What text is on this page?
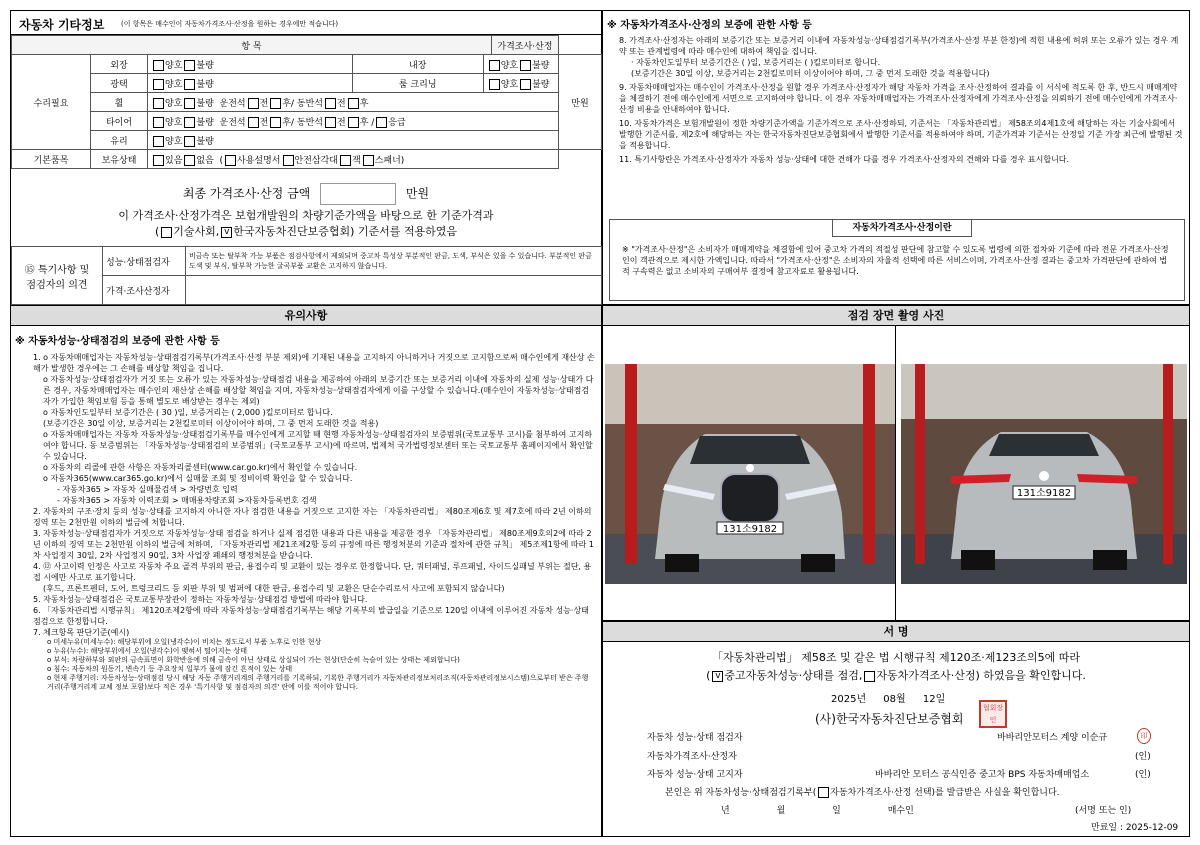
자동차 기타정보 (이 항목은 매수인이 자동차가격조사·산정을 원하는 경우에만 적습니다)
항 목					가격조사·산정	
수리필요	외장	양호 불량	내장	양호 불량		만원
	광택	양호 불량	룸 크리닝	양호 불량		
	휠	양호 불량 운전석 전 후/ 동반석 전 후				
	타이어	양호 불량 운전석 전 후/ 동반석 전 후 / 응급				
	유리	양호 불량				
기본품목	보유상태	있음 없음 ( 사용설명서 안전삼각대 잭 스패너)				
최종 가격조사·산정 금액	만원
이 가격조사·산정가격은 보험개발원의 차량기준가액을 바탕으로 한 기준가격과
( 기술사회, v 한국자동차진단보증협회) 기준서를 적용하였음
⑮ 특기사항 및
점검자의 의견	성능·상태점검자	비금속 또는 탈부착 가능 부품은 점검사항에서 제외되며 중고차 특성상 부분적인 판금, 도색, 부식은 있을 수 있습니다. 부분적인 판금 도색 및 부식, 탈부착 가능한 굴곡부품 교환은 고지하지 않습니다.
	가격·조사산정자	
※ 자동차가격조사·산정의 보증에 관한 사항 등
8. 가격조사·산정자는 아래의 보증기간 또는 보증거리 이내에 자동차성능·상태점검기록부(가격조사·산정 부분 한정)에 적힌 내용에 허위 또는 오류가 있는 경우 계약 또는 관계법령에 따라 매수인에 대하여 책임을 집니다.
· 자동차인도일부터 보증기간은 ( )일, 보증거리는 ( )킬로미터로 합니다.
(보증기간은 30일 이상, 보증거리는 2천킬로미터 이상이어야 하며, 그 중 먼저 도래한 것을 적용합니다)
9. 자동차매매업자는 매수인이 가격조사·산정을 원할 경우 가격조사·산정자가 해당 자동차 가격을 조사·산정하여 결과를 이 서식에 적도록 한 후, 반드시 매매계약을 체결하기 전에 매수인에게 서면으로 고지하여야 합니다. 이 경우 자동차매매업자는 가격조사·산정자에게 가격조사·산정을 의뢰하기 전에 매수인에게 가격조사·산정 비용을 안내하여야 합니다.
10. 자동차가격은 보험개발원이 정한 차량기준가액을 기준가격으로 조사·산정하되, 기준서는 「자동차관리법」 제58조의4제1호에 해당하는 자는 기술사회에서 발행한 기준서를, 제2호에 해당하는 자는 한국자동차진단보증협회에서 발행한 기준서를 적용하여야 하며, 기준가격과 기준서는 산정일 기준 가장 최근에 발행된 것을 적용합니다.
11. 특기사항란은 가격조사·산정자가 자동차 성능·상태에 대한 견해가 다를 경우 가격조사·산정자의 견해와 다를 경우 표시합니다.
자동차가격조사·산정이란
※ "가격조사·산정"은 소비자가 매매계약을 체결함에 있어 중고차 가격의 적절성 판단에 참고할 수 있도록 법령에 의한 절차와 기준에 따라 전문 가격조사·산정인이 객관적으로 제시한 가액입니다. 따라서 "가격조사·산정"은 소비자의 자율적 선택에 따른 서비스이며, 가격조사·산정 결과는 중고차 가격판단에 관하여 법적 구속력은 없고 소비자의 구매여부 결정에 참고자료로 활용됩니다.
유의사항
※ 자동차성능·상태점검의 보증에 관한 사항 등
1. ο 자동차매매업자는 자동차성능·상태점검기록부(가격조사·산정 부분 제외)에 기재된 내용을 고지하지 아니하거나 거짓으로 고지함으로써 매수인에게 재산상 손해가 발생한 경우에는 그 손해를 배상할 책임을 집니다.
ο 자동차성능·상태점검자가 거짓 또는 오류가 있는 자동차성능·상태점검 내용을 제공하여 아래의 보증기간 또는 보증거리 이내에 자동차의 실제 성능·상태가 다른 경우, 자동차매매업자는 매수인의 재산상 손해를 배상할 책임을 지며, 자동차성능·상태점검자에게 이를 구상할 수 있습니다.(매수인이 자동차성능·상태점검자가 가입한 책임보험 등을 통해 별도로 배상받는 경우는 제외)
ο 자동차인도일부터 보증기간은 ( 30 )일, 보증거리는 ( 2,000 )킬로미터로 합니다.
(보증기간은 30일 이상, 보증거리는 2천킬로미터 이상이어야 하며, 그 중 먼저 도래한 것을 적용)
ο 자동차매매업자는 자동차 자동차성능·상태점검기록부를 매수인에게 고지할 때 현행 자동차성능·상태점검자의 보증범위(국토교통부 고시)를 첨부하여 고지하여야 합니다. 동 보증범위는 「자동차성능·상태점검의 보증범위」(국토교통부 고시)에 따르며, 법제처 국가법령정보센터 또는 국토교통부 홈페이지에서 확인할 수 있습니다.
ο 자동차의 리콜에 관한 사항은 자동차리콜센터(www.car.go.kr)에서 확인할 수 있습니다.
ο 자동차365(www.car365.go.kr)에서 실매물 조회 및 정비이력 확인을 할 수 있습니다.
- 자동차365 > 자동차 실매물검색 > 차량번호 입력
- 자동차365 > 자동차 이력조회 > 매매용차량조회 >자동차등록번호 검색
2. 자동차의 구조·장치 등의 성능·상태를 고지하지 아니한 자나 점검한 내용을 거짓으로 고지한 자는 「자동차관리법」 제80조제6호 및 제7호에 따라 2년 이하의 징역 또는 2천만원 이하의 벌금에 처합니다.
3. 자동차성능·상태점검자가 거짓으로 자동차성능·상태 점검을 하거나 실제 점검한 내용과 다른 내용을 제공한 경우 「자동차관리법」 제80조제9호의2에 따라 2년 이하의 징역 또는 2천만원 이하의 벌금에 처하며, 「자동차관리법 제21조제2항 등의 규정에 따른 행정처분의 기준과 절차에 관한 규칙」 제5조제1항에 따라 1차 사업정지 30일, 2차 사업정지 90일, 3차 사업장 폐쇄의 행정처분을 받습니다.
4. ⑫ 사고이력 인정은 사고로 자동차 주요 골격 부위의 판금, 용접수리 및 교환이 있는 경우로 한정합니다. 단, 쿼터패널, 루프패널, 사이드실패널 부위는 절단, 용접 시에만 사고로 표기합니다.
(후드, 프론트펜더, 도어, 트렁크리드 등 외판 부위 및 범퍼에 대한 판금, 용접수리 및 교환은 단순수리로서 사고에 포함되지 않습니다)
5. 자동차성능·상태점검은 국토교통부장관이 정하는 자동차성능·상태점검 방법에 따라야 합니다.
6. 「자동차관리법 시행규칙」 제120조제2항에 따라 자동차성능·상태점검기록부는 해당 기록부의 발급일을 기준으로 120일 이내에 이루어진 자동차 성능·상태점검으로 한정합니다.
7. 체크항목 판단기준(예시)
ο 미세누유(미세누수): 해당부위에 오일(냉각수)이 비치는 정도로서 부품 노후로 인한 현상
ο 누유(누수): 해당부위에서 오일(냉각수)이 맺혀서 떨어지는 상태
ο 부식: 차량하부와 외판의 금속표면이 화학반응에 의해 금속이 아닌 상태로 상실되어 가는 현상(단순히 녹슬어 있는 상태는 제외합니다)
ο 침수: 자동차의 원동기, 변속기 등 주요장치 일부가 물에 잠긴 흔적이 있는 상태
ο 현재 주행거리: 자동차성능·상태점검 당시 해당 자동 주행거리계의 주행거리를 기록하되, 기록한 주행거리가 자동차관리정보처리조직(자동차관리정보시스템)으로부터 받은 주행거리(주행거리계 교체 정보 포함)보다 적은 경우 '특기사항 및 점검자의 의견' 란에 이를 적어야 합니다.
점검 장면 촬영 사진
131소9182
131소9182
서 명
「자동차관리법」 제58조 및 같은 법 시행규칙 제120조·제123조의5에 따라
( v 중고자동차성능·상태를 점검, 자동차가격조사·산정) 하였음을 확인합니다.
2025년 08월 12일
(사)한국자동차진단보증협회
협회장인
자동차 성능·상태 점검자	바바리안모터스 계양 이순규	印
자동차가격조사·산정자	(인)
자동차 성능·상태 고지자	바바리안 모터스 공식인증 중고차 BPS 자동차매매업소	(인)
본인은 위 자동차성능·상태점검기록부( 자동차가격조사·산정 선택)를 발급받은 사실을 확인합니다.
년	월	일	매수인	(서명 또는 인)
만료일 : 2025-12-09
